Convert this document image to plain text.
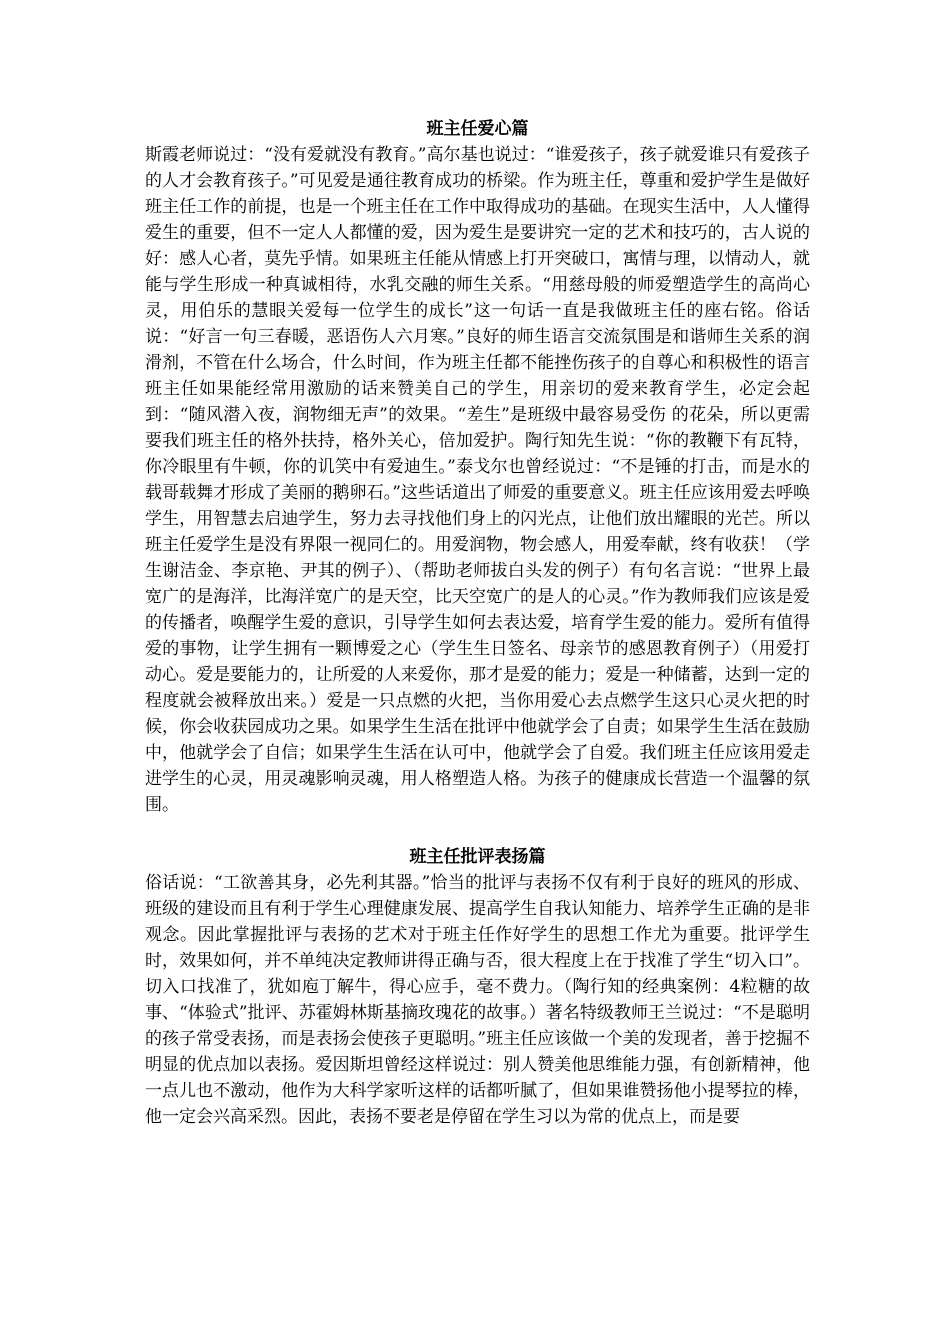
班主任爱心篇

斯霞老师说过：“没有爱就没有教育。”高尔基也说过：“谁爱孩子，孩子就爱谁只有爱孩子的人才会教育孩子。”可见爱是通往教育成功的桥梁。作为班主任，尊重和爱护学生是做好班主任工作的前提，也是一个班主任在工作中取得成功的基础。在现实生活中，人人懂得爱生的重要，但不一定人人都懂的爱，因为爱生是要讲究一定的艺术和技巧的，古人说的好：感人心者，莫先乎情。如果班主任能从情感上打开突破口，寓情与理，以情动人，就能与学生形成一种真诚相待，水乳交融的师生关系。“用慈母般的师爱塑造学生的高尚心灵，用伯乐的慧眼关爱每一位学生的成长”这一句话一直是我做班主任的座右铭。俗话说：“好言一句三春暖，恶语伤人六月寒。”良好的师生语言交流氛围是和谐师生关系的润滑剂，不管在什么场合，什么时间，作为班主任都不能挫伤孩子的自尊心和积极性的语言班主任如果能经常用激励的话来赞美自己的学生，用亲切的爱来教育学生，必定会起到：“随风潜入夜，润物细无声”的效果。“差生”是班级中最容易受伤 的花朵，所以更需要我们班主任的格外扶持，格外关心，倍加爱护。陶行知先生说：“你的教鞭下有瓦特，你冷眼里有牛顿，你的讥笑中有爱迪生。”泰戈尔也曾经说过：“不是锤的打击，而是水的载哥载舞才形成了美丽的鹅卵石。”这些话道出了师爱的重要意义。班主任应该用爱去呼唤学生，用智慧去启迪学生，努力去寻找他们身上的闪光点，让他们放出耀眼的光芒。所以班主任爱学生是没有界限一视同仁的。用爱润物，物会感人，用爱奉献，终有收获！（学生谢洁金、李京艳、尹其的例子）、（帮助老师拔白头发的例子）有句名言说：“世界上最宽广的是海洋，比海洋宽广的是天空，比天空宽广的是人的心灵。”作为教师我们应该是爱的传播者，唤醒学生爱的意识，引导学生如何去表达爱，培育学生爱的能力。爱所有值得爱的事物，让学生拥有一颗博爱之心（学生生日签名、母亲节的感恩教育例子）（用爱打动心。爱是要能力的，让所爱的人来爱你，那才是爱的能力；爱是一种储蓄，达到一定的程度就会被释放出来。）爱是一只点燃的火把，当你用爱心去点燃学生这只心灵火把的时候，你会收获园成功之果。如果学生生活在批评中他就学会了自责；如果学生生活在鼓励中，他就学会了自信；如果学生生活在认可中，他就学会了自爱。我们班主任应该用爱走进学生的心灵，用灵魂影响灵魂，用人格塑造人格。为孩子的健康成长营造一个温馨的氛围。

班主任批评表扬篇

俗话说：“工欲善其身，必先利其器。”恰当的批评与表扬不仅有利于良好的班风的形成、班级的建设而且有利于学生心理健康发展、提高学生自我认知能力、培养学生正确的是非观念。因此掌握批评与表扬的艺术对于班主任作好学生的思想工作尤为重要。批评学生时，效果如何，并不单纯决定教师讲得正确与否，很大程度上在于找准了学生“切入口”。切入口找准了，犹如庖丁解牛，得心应手，毫不费力。（陶行知的经典案例：4粒糖的故事、“体验式”批评、苏霍姆林斯基摘玫瑰花的故事。）著名特级教师王兰说过：“不是聪明的孩子常受表扬，而是表扬会使孩子更聪明。”班主任应该做一个美的发现者，善于挖掘不明显的优点加以表扬。爱因斯坦曾经这样说过：别人赞美他思维能力强，有创新精神，他一点儿也不激动，他作为大科学家听这样的话都听腻了，但如果谁赞扬他小提琴拉的棒，他一定会兴高采烈。因此，表扬不要老是停留在学生习以为常的优点上，而是要
